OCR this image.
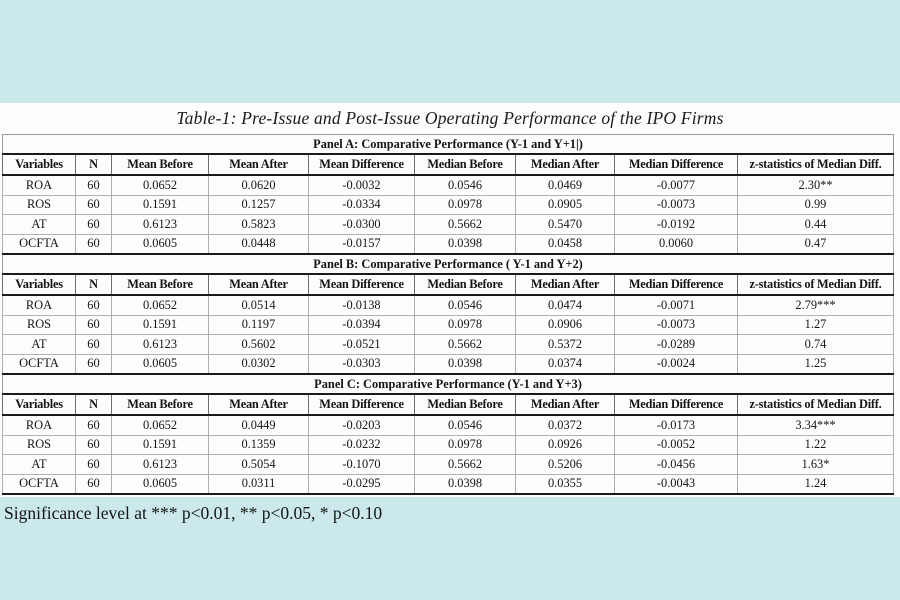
Table-1: Pre-Issue and Post-Issue Operating Performance of the IPO Firms
Panel A: Comparative Performance (Y-1 and Y+1|)								
Variables	N	Mean Before	Mean After	Mean Difference	Median Before	Median After	Median Difference	z-statistics of Median Diff.
ROA	60	0.0652	0.0620	-0.0032	0.0546	0.0469	-0.0077	2.30**
ROS	60	0.1591	0.1257	-0.0334	0.0978	0.0905	-0.0073	0.99
AT	60	0.6123	0.5823	-0.0300	0.5662	0.5470	-0.0192	0.44
OCFTA	60	0.0605	0.0448	-0.0157	0.0398	0.0458	0.0060	0.47
Panel B: Comparative Performance ( Y-1 and Y+2)								
Variables	N	Mean Before	Mean After	Mean Difference	Median Before	Median After	Median Difference	z-statistics of Median Diff.
ROA	60	0.0652	0.0514	-0.0138	0.0546	0.0474	-0.0071	2.79***
ROS	60	0.1591	0.1197	-0.0394	0.0978	0.0906	-0.0073	1.27
AT	60	0.6123	0.5602	-0.0521	0.5662	0.5372	-0.0289	0.74
OCFTA	60	0.0605	0.0302	-0.0303	0.0398	0.0374	-0.0024	1.25
Panel C: Comparative Performance (Y-1 and Y+3)								
Variables	N	Mean Before	Mean After	Mean Difference	Median Before	Median After	Median Difference	z-statistics of Median Diff.
ROA	60	0.0652	0.0449	-0.0203	0.0546	0.0372	-0.0173	3.34***
ROS	60	0.1591	0.1359	-0.0232	0.0978	0.0926	-0.0052	1.22
AT	60	0.6123	0.5054	-0.1070	0.5662	0.5206	-0.0456	1.63*
OCFTA	60	0.0605	0.0311	-0.0295	0.0398	0.0355	-0.0043	1.24
Significance level at *** p<0.01, ** p<0.05, * p<0.10
